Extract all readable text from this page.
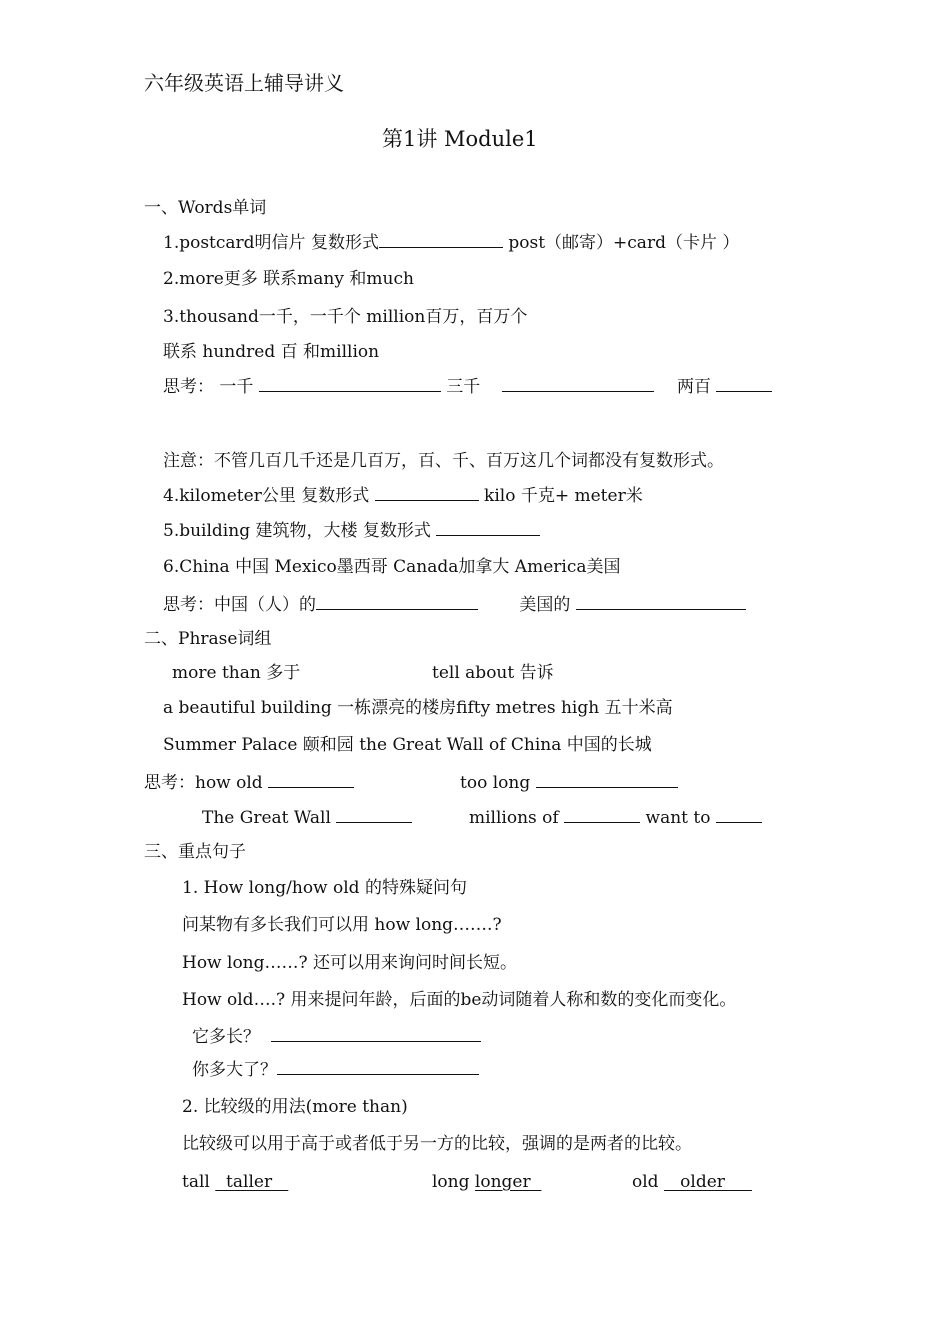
六年级英语上辅导讲义
第1讲 Module1
一、Words单词
1.postcard明信片 复数形式	post（邮寄）+card（卡片 ）
2.more更多 联系many 和much
3.thousand一千，一千个 million百万，百万个
联系 hundred 百 和million
思考： 一千	三千	两百
注意：不管几百几千还是几百万，百、千、百万这几个词都没有复数形式。
4.kilometer公里 复数形式	kilo 千克+ meter米
5.building 建筑物，大楼 复数形式
6.China 中国 Mexico墨西哥 Canada加拿大 America美国
思考：中国（人）的	美国的
二、Phrase词组
more than 多于	tell about 告诉
a beautiful building 一栋漂亮的楼房fifty metres high 五十米高
Summer Palace 颐和园 the Great Wall of China 中国的长城
思考：how old	too long
The Great Wall	millions of	want to
三、重点句子
1. How long/how old 的特殊疑问句
问某物有多长我们可以用 how long…….?
How long……? 还可以用来询问时间长短。
How old….? 用来提问年龄，后面的be动词随着人称和数的变化而变化。
它多长？
你多大了？
2. 比较级的用法(more than)
比较级可以用于高于或者低于另一方的比较，强调的是两者的比较。
tall   taller	long longer	old    older
